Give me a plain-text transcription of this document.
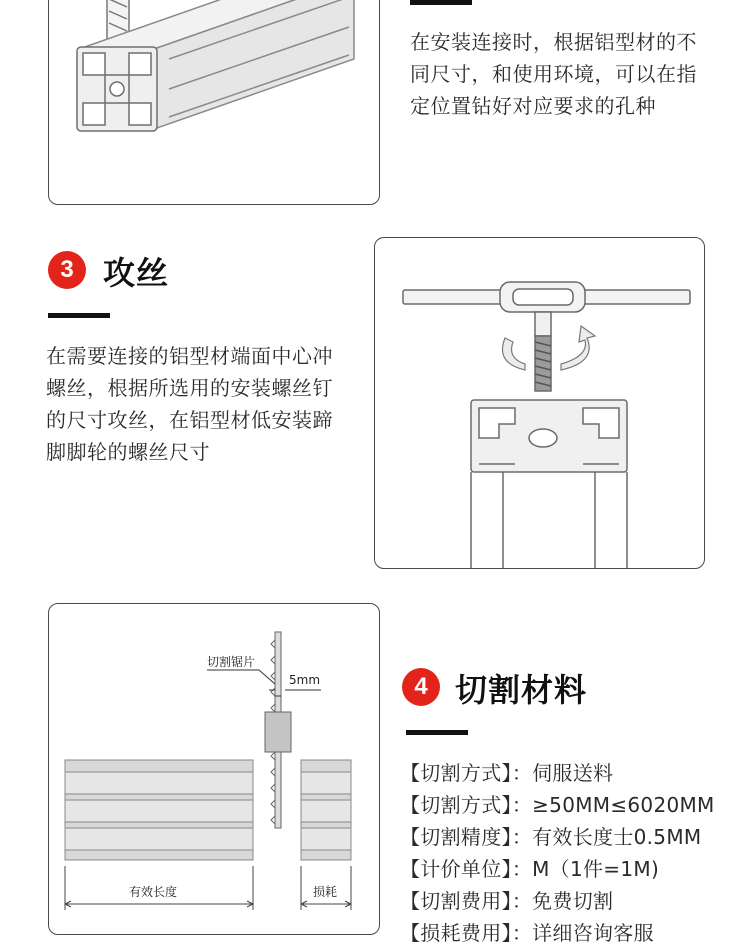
在安装连接时，根据铝型材的不同尺寸，和使用环境，可以在指定位置钻好对应要求的孔种

3 攻丝

在需要连接的铝型材端面中心冲螺丝，根据所选用的安装螺丝钉的尺寸攻丝，在铝型材低安装蹄脚脚轮的螺丝尺寸

切割锯片
5mm
有效长度	损耗
4 切割材料
【切割方式】：伺服送料
【切割方式】：≥50MM≤6020MM
【切割精度】：有效长度士0.5MM
【计价单位】：M（1件=1M)
【切割费用】：免费切割
【损耗费用】：详细咨询客服
